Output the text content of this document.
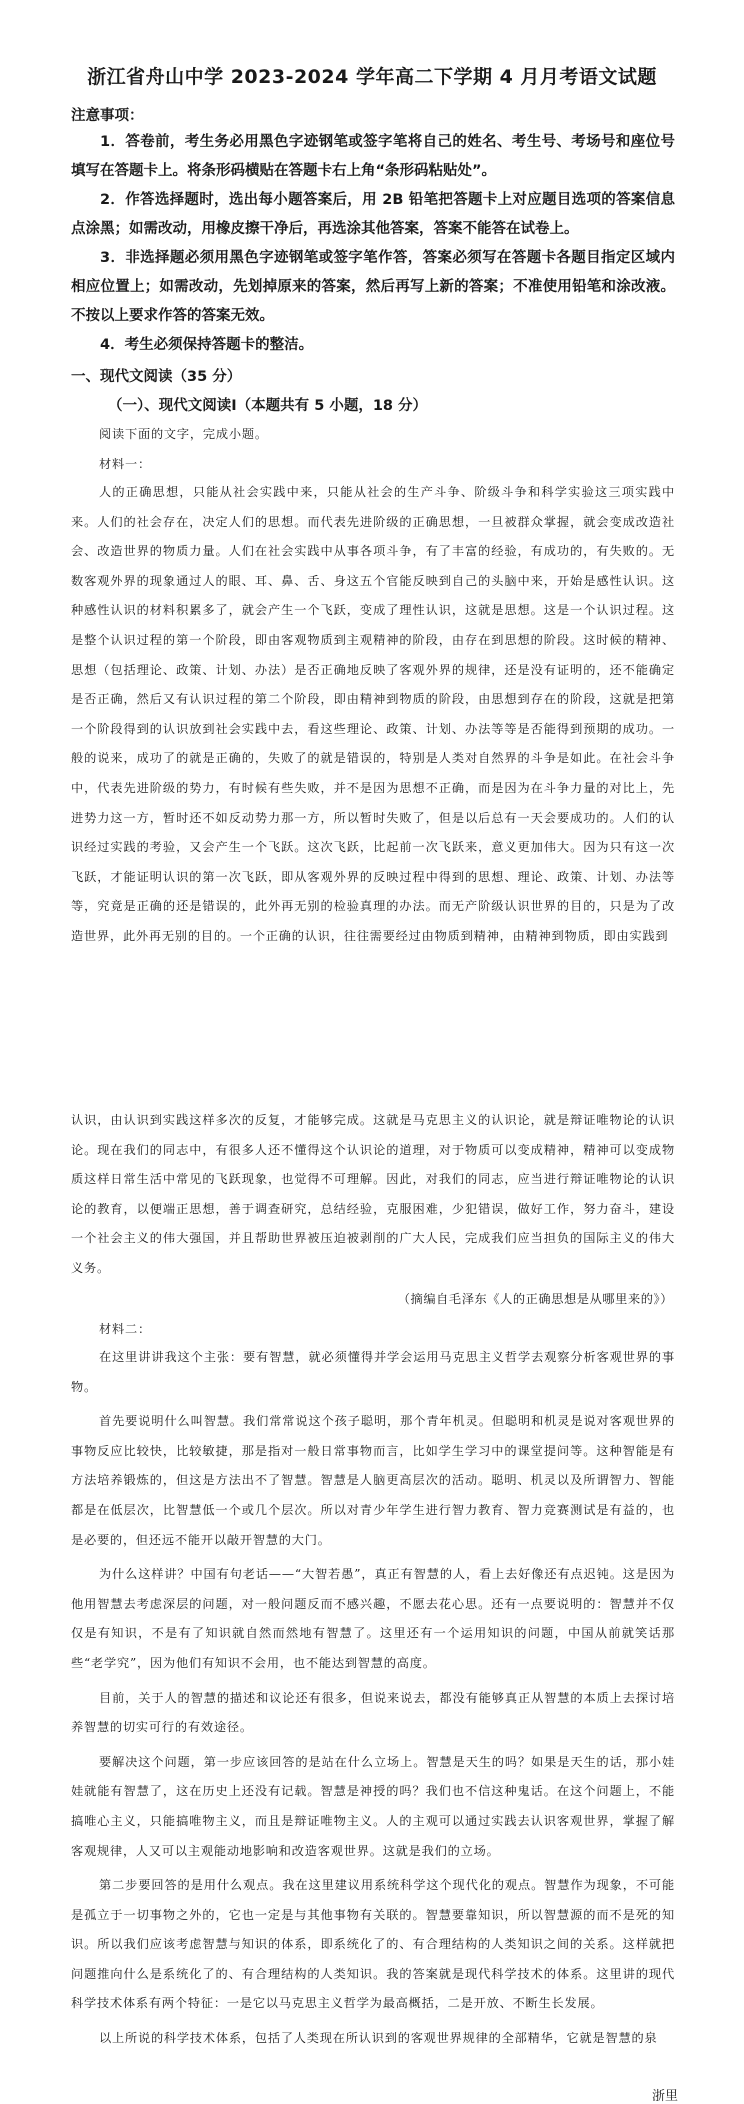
浙江省舟山中学 2023-2024 学年高二下学期 4 月月考语文试题
注意事项：
1．答卷前，考生务必用黑色字迹钢笔或签字笔将自己的姓名、考生号、考场号和座位号填写在答题卡上。将条形码横贴在答题卡右上角“条形码粘贴处”。
2．作答选择题时，选出每小题答案后，用 2B 铅笔把答题卡上对应题目选项的答案信息点涂黑；如需改动，用橡皮擦干净后，再选涂其他答案，答案不能答在试卷上。
3．非选择题必须用黑色字迹钢笔或签字笔作答，答案必须写在答题卡各题目指定区域内相应位置上；如需改动，先划掉原来的答案，然后再写上新的答案；不准使用铅笔和涂改液。不按以上要求作答的答案无效。
4．考生必须保持答题卡的整洁。
一、现代文阅读（35 分）
（一）、现代文阅读Ⅰ（本题共有 5 小题，18 分）
阅读下面的文字，完成小题。
材料一：
人的正确思想，只能从社会实践中来，只能从社会的生产斗争、阶级斗争和科学实验这三项实践中来。人们的社会存在，决定人们的思想。而代表先进阶级的正确思想，一旦被群众掌握，就会变成改造社会、改造世界的物质力量。人们在社会实践中从事各项斗争，有了丰富的经验，有成功的，有失败的。无数客观外界的现象通过人的眼、耳、鼻、舌、身这五个官能反映到自己的头脑中来，开始是感性认识。这种感性认识的材料积累多了，就会产生一个飞跃，变成了理性认识，这就是思想。这是一个认识过程。这是整个认识过程的第一个阶段，即由客观物质到主观精神的阶段，由存在到思想的阶段。这时候的精神、思想（包括理论、政策、计划、办法）是否正确地反映了客观外界的规律，还是没有证明的，还不能确定是否正确，然后又有认识过程的第二个阶段，即由精神到物质的阶段，由思想到存在的阶段，这就是把第一个阶段得到的认识放到社会实践中去，看这些理论、政策、计划、办法等等是否能得到预期的成功。一般的说来，成功了的就是正确的，失败了的就是错误的，特别是人类对自然界的斗争是如此。在社会斗争中，代表先进阶级的势力，有时候有些失败，并不是因为思想不正确，而是因为在斗争力量的对比上，先进势力这一方，暂时还不如反动势力那一方，所以暂时失败了，但是以后总有一天会要成功的。人们的认识经过实践的考验，又会产生一个飞跃。这次飞跃，比起前一次飞跃来，意义更加伟大。因为只有这一次飞跃，才能证明认识的第一次飞跃，即从客观外界的反映过程中得到的思想、理论、政策、计划、办法等等，究竟是正确的还是错误的，此外再无别的检验真理的办法。而无产阶级认识世界的目的，只是为了改造世界，此外再无别的目的。一个正确的认识，往往需要经过由物质到精神，由精神到物质，即由实践到
认识，由认识到实践这样多次的反复，才能够完成。这就是马克思主义的认识论，就是辩证唯物论的认识论。现在我们的同志中，有很多人还不懂得这个认识论的道理，对于物质可以变成精神，精神可以变成物质这样日常生活中常见的飞跃现象，也觉得不可理解。因此，对我们的同志，应当进行辩证唯物论的认识论的教育，以便端正思想，善于调查研究，总结经验，克服困难，少犯错误，做好工作，努力奋斗，建设一个社会主义的伟大强国，并且帮助世界被压迫被剥削的广大人民，完成我们应当担负的国际主义的伟大义务。
（摘编自毛泽东《人的正确思想是从哪里来的》）
材料二：

在这里讲讲我这个主张：要有智慧，就必须懂得并学会运用马克思主义哲学去观察分析客观世界的事物。

首先要说明什么叫智慧。我们常常说这个孩子聪明，那个青年机灵。但聪明和机灵是说对客观世界的事物反应比较快，比较敏捷，那是指对一般日常事物而言，比如学生学习中的课堂提问等。这种智能是有方法培养锻炼的，但这是方法出不了智慧。智慧是人脑更高层次的活动。聪明、机灵以及所谓智力、智能都是在低层次，比智慧低一个或几个层次。所以对青少年学生进行智力教育、智力竞赛测试是有益的，也是必要的，但还远不能开以敲开智慧的大门。

为什么这样讲？中国有句老话——“大智若愚”，真正有智慧的人，看上去好像还有点迟钝。这是因为他用智慧去考虑深层的问题，对一般问题反而不感兴趣，不愿去花心思。还有一点要说明的：智慧并不仅仅是有知识，不是有了知识就自然而然地有智慧了。这里还有一个运用知识的问题，中国从前就笑话那些“老学究”，因为他们有知识不会用，也不能达到智慧的高度。

目前，关于人的智慧的描述和议论还有很多，但说来说去，都没有能够真正从智慧的本质上去探讨培养智慧的切实可行的有效途径。

要解决这个问题，第一步应该回答的是站在什么立场上。智慧是天生的吗？如果是天生的话，那小娃娃就能有智慧了，这在历史上还没有记载。智慧是神授的吗？我们也不信这种鬼话。在这个问题上，不能搞唯心主义，只能搞唯物主义，而且是辩证唯物主义。人的主观可以通过实践去认识客观世界，掌握了解客观规律，人又可以主观能动地影响和改造客观世界。这就是我们的立场。

第二步要回答的是用什么观点。我在这里建议用系统科学这个现代化的观点。智慧作为现象，不可能是孤立于一切事物之外的，它也一定是与其他事物有关联的。智慧要靠知识，所以智慧源的而不是死的知识。所以我们应该考虑智慧与知识的体系，即系统化了的、有合理结构的人类知识之间的关系。这样就把问题推向什么是系统化了的、有合理结构的人类知识。我的答案就是现代科学技术的体系。这里讲的现代科学技术体系有两个特征：一是它以马克思主义哲学为最高概括，二是开放、不断生长发展。

以上所说的科学技术体系，包括了人类现在所认识到的客观世界规律的全部精华，它就是智慧的泉

浙里
